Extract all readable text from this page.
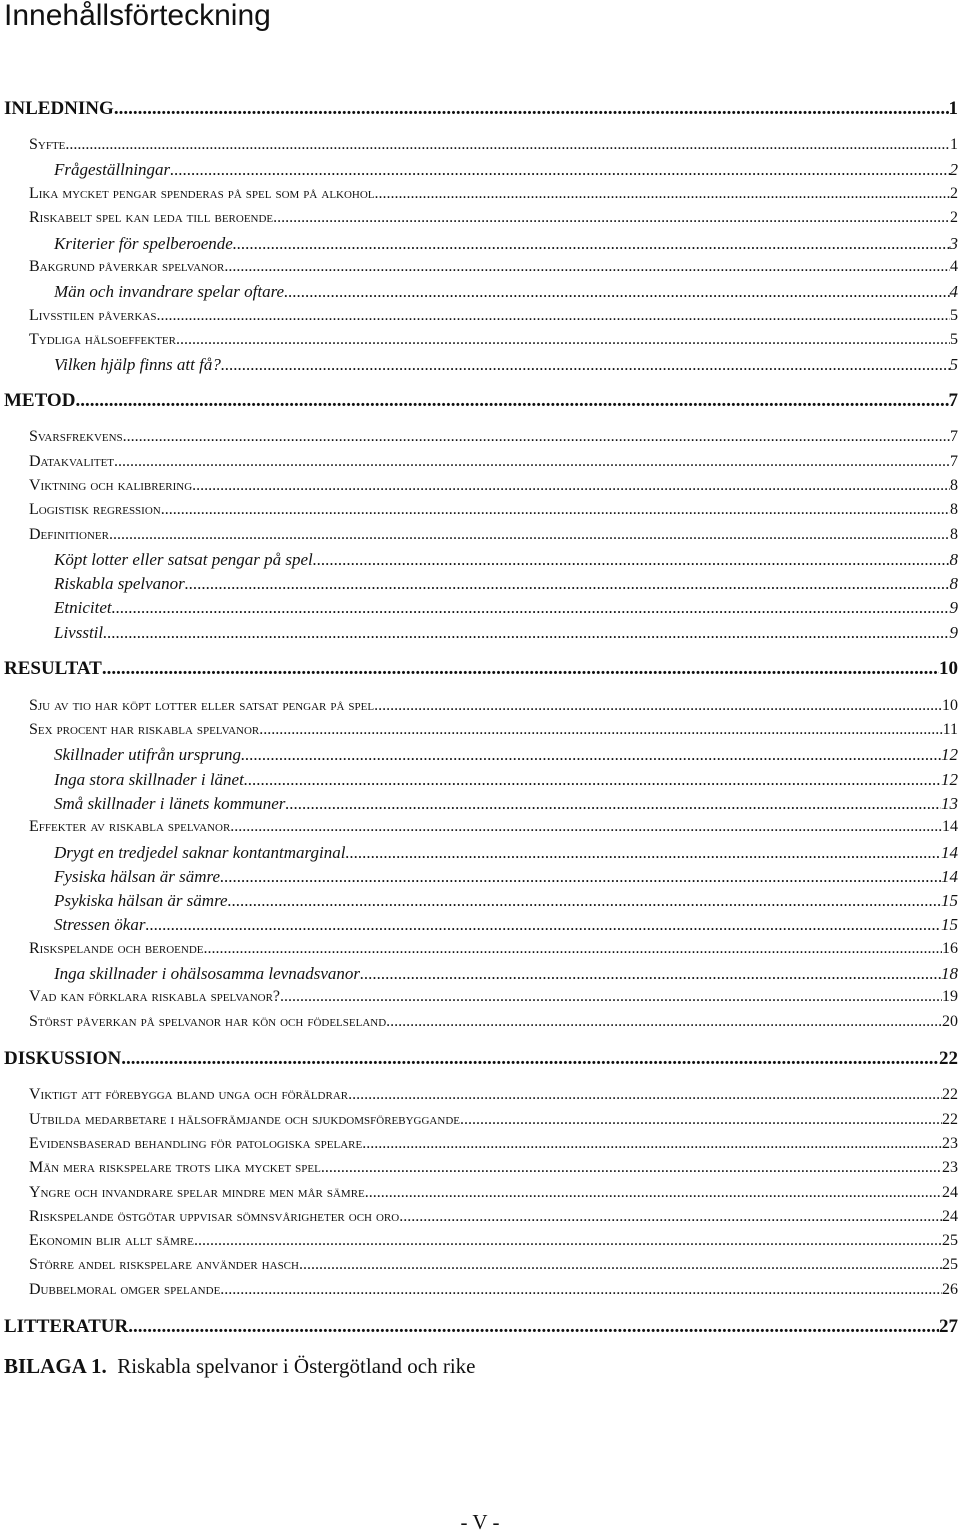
Innehållsförteckning
INLEDNING .....	1
Syfte .....	1
Frågeställningar .....	2
Lika mycket pengar spenderas på spel som på alkohol .....	2
Riskabelt spel kan leda till beroende .....	2
Kriterier för spelberoende .....	3
Bakgrund påverkar spelvanor .....	4
Män och invandrare spelar oftare .....	4
Livsstilen påverkas .....	5
Tydliga hälsoeffekter .....	5
Vilken hjälp finns att få? .....	5
METOD .....	7
Svarsfrekvens .....	7
Datakvalitet .....	7
Viktning och kalibrering .....	8
Logistisk regression .....	8
Definitioner .....	8
Köpt lotter eller satsat pengar på spel .....	8
Riskabla spelvanor .....	8
Etnicitet .....	9
Livsstil .....	9
RESULTAT .....	10
Sju av tio har köpt lotter eller satsat pengar på spel .....	10
Sex procent har riskabla spelvanor .....	11
Skillnader utifrån ursprung .....	12
Inga stora skillnader i länet .....	12
Små skillnader i länets kommuner .....	13
Effekter av riskabla spelvanor .....	14
Drygt en tredjedel saknar kontantmarginal .....	14
Fysiska hälsan är sämre .....	14
Psykiska hälsan är sämre .....	15
Stressen ökar .....	15
Riskspelande och beroende .....	16
Inga skillnader i ohälsosamma levnadsvanor .....	18
Vad kan förklara riskabla spelvanor? .....	19
Störst påverkan på spelvanor har kön och födelseland .....	20
DISKUSSION .....	22
Viktigt att förebygga bland unga och föräldrar .....	22
Utbilda medarbetare i hälsofrämjande och sjukdomsförebyggande .....	22
Evidensbaserad behandling för patologiska spelare .....	23
Män mera riskspelare trots lika mycket spel .....	23
Yngre och invandrare spelar mindre men mår sämre .....	24
Riskspelande östgötar uppvisar sömnsvårigheter och oro .....	24
Ekonomin blir allt sämre .....	25
Större andel riskspelare använder hasch .....	25
Dubbelmoral omger spelande .....	26
LITTERATUR .....	27
BILAGA 1. Riskabla spelvanor i Östergötland och rike
- V -
